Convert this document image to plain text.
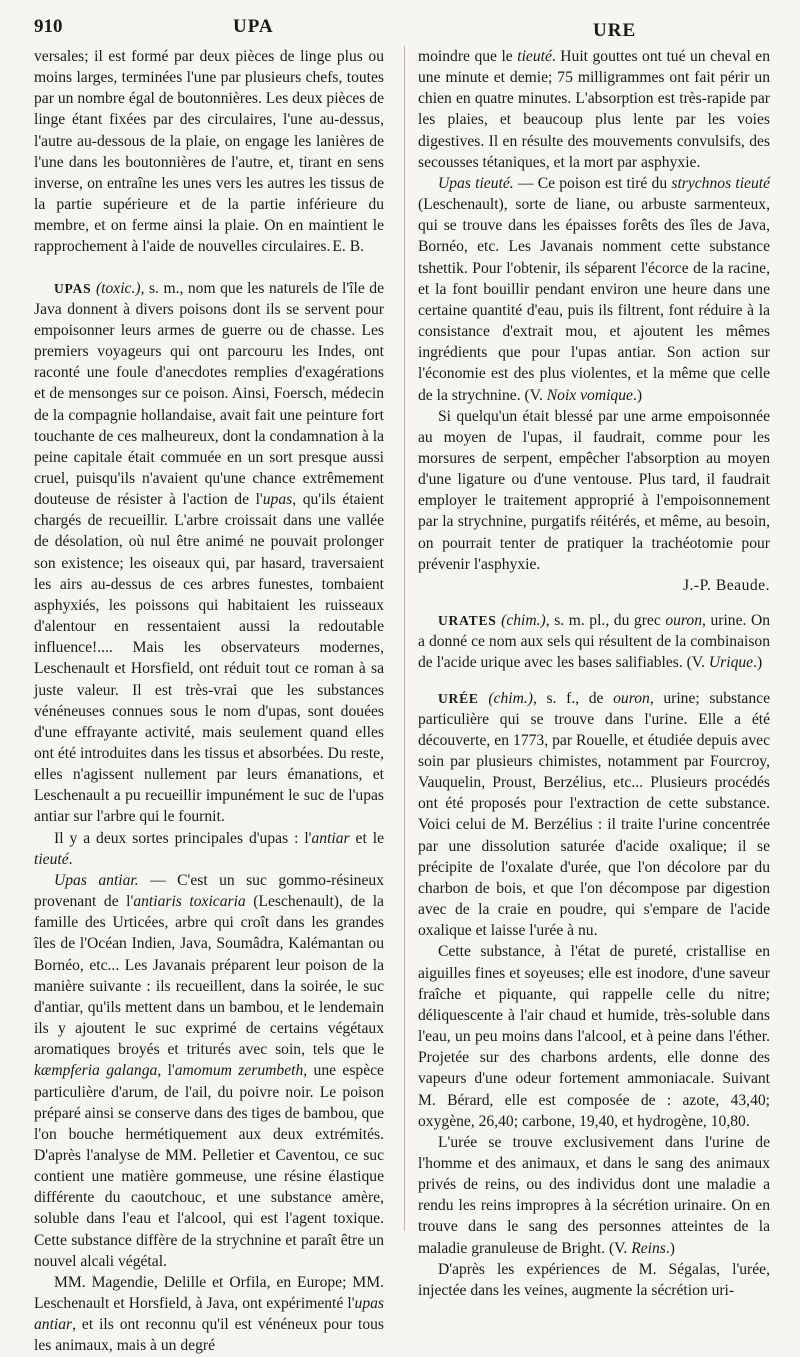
910	UPA	URE

versales; il est formé par deux pièces de linge plus ou moins larges, terminées l'une par plusieurs chefs, toutes par un nombre égal de boutonnières. Les deux pièces de linge étant fixées par des circulaires, l'une au-dessus, l'autre au-dessous de la plaie, on engage les lanières de l'une dans les boutonnières de l'autre, et, tirant en sens inverse, on entraîne les unes vers les autres les tissus de la partie supérieure et de la partie inférieure du membre, et on ferme ainsi la plaie. On en maintient le rapprochement à l'aide de nouvelles circulaires. E. B.

UPAS (toxic.), s. m., nom que les naturels de l'île de Java donnent à divers poisons dont ils se servent pour empoisonner leurs armes de guerre ou de chasse. Les premiers voyageurs qui ont parcouru les Indes, ont raconté une foule d'anecdotes remplies d'exagérations et de mensonges sur ce poison. Ainsi, Foersch, médecin de la compagnie hollandaise, avait fait une peinture fort touchante de ces malheureux, dont la condamnation à la peine capitale était commuée en un sort presque aussi cruel, puisqu'ils n'avaient qu'une chance extrêmement douteuse de résister à l'action de l'upas, qu'ils étaient chargés de recueillir. L'arbre croissait dans une vallée de désolation, où nul être animé ne pouvait prolonger son existence; les oiseaux qui, par hasard, traversaient les airs au-dessus de ces arbres funestes, tombaient asphyxiés, les poissons qui habitaient les ruisseaux d'alentour en ressentaient aussi la redoutable influence!.... Mais les observateurs modernes, Leschenault et Horsfield, ont réduit tout ce roman à sa juste valeur. Il est très-vrai que les substances vénéneuses connues sous le nom d'upas, sont douées d'une effrayante activité, mais seulement quand elles ont été introduites dans les tissus et absorbées. Du reste, elles n'agissent nullement par leurs émanations, et Leschenault a pu recueillir impunément le suc de l'upas antiar sur l'arbre qui le fournit.

Il y a deux sortes principales d'upas : l'antiar et le tieuté.

Upas antiar. — C'est un suc gommo-résineux provenant de l'antiaris toxicaria (Leschenault), de la famille des Urticées, arbre qui croît dans les grandes îles de l'Océan Indien, Java, Soumâdra, Kalémantan ou Bornéo, etc... Les Javanais préparent leur poison de la manière suivante : ils recueillent, dans la soirée, le suc d'antiar, qu'ils mettent dans un bambou, et le lendemain ils y ajoutent le suc exprimé de certains végétaux aromatiques broyés et triturés avec soin, tels que le kæmpferia galanga, l'amomum zerumbeth, une espèce particulière d'arum, de l'ail, du poivre noir. Le poison préparé ainsi se conserve dans des tiges de bambou, que l'on bouche hermétiquement aux deux extrémités. D'après l'analyse de MM. Pelletier et Caventou, ce suc contient une matière gommeuse, une résine élastique différente du caoutchouc, et une substance amère, soluble dans l'eau et l'alcool, qui est l'agent toxique. Cette substance diffère de la strychnine et paraît être un nouvel alcali végétal.

MM. Magendie, Delille et Orfila, en Europe; MM. Leschenault et Horsfield, à Java, ont expérimenté l'upas antiar, et ils ont reconnu qu'il est vénéneux pour tous les animaux, mais à un degré

moindre que le tieuté. Huit gouttes ont tué un cheval en une minute et demie; 75 milligrammes ont fait périr un chien en quatre minutes. L'absorption est très-rapide par les plaies, et beaucoup plus lente par les voies digestives. Il en résulte des mouvements convulsifs, des secousses tétaniques, et la mort par asphyxie.

Upas tieuté. — Ce poison est tiré du strychnos tieuté (Leschenault), sorte de liane, ou arbuste sarmenteux, qui se trouve dans les épaisses forêts des îles de Java, Bornéo, etc. Les Javanais nomment cette substance tshettik. Pour l'obtenir, ils séparent l'écorce de la racine, et la font bouillir pendant environ une heure dans une certaine quantité d'eau, puis ils filtrent, font réduire à la consistance d'extrait mou, et ajoutent les mêmes ingrédients que pour l'upas antiar. Son action sur l'économie est des plus violentes, et la même que celle de la strychnine. (V. Noix vomique.)

Si quelqu'un était blessé par une arme empoisonnée au moyen de l'upas, il faudrait, comme pour les morsures de serpent, empêcher l'absorption au moyen d'une ligature ou d'une ventouse. Plus tard, il faudrait employer le traitement approprié à l'empoisonnement par la strychnine, purgatifs réitérés, et même, au besoin, on pourrait tenter de pratiquer la trachéotomie pour prévenir l'asphyxie.

J.-P. Beaude.

URATES (chim.), s. m. pl., du grec ouron, urine. On a donné ce nom aux sels qui résultent de la combinaison de l'acide urique avec les bases salifiables. (V. Urique.)

URÉE (chim.), s. f., de ouron, urine; substance particulière qui se trouve dans l'urine. Elle a été découverte, en 1773, par Rouelle, et étudiée depuis avec soin par plusieurs chimistes, notamment par Fourcroy, Vauquelin, Proust, Berzélius, etc... Plusieurs procédés ont été proposés pour l'extraction de cette substance. Voici celui de M. Berzélius : il traite l'urine concentrée par une dissolution saturée d'acide oxalique; il se précipite de l'oxalate d'urée, que l'on décolore par du charbon de bois, et que l'on décompose par digestion avec de la craie en poudre, qui s'empare de l'acide oxalique et laisse l'urée à nu.

Cette substance, à l'état de pureté, cristallise en aiguilles fines et soyeuses; elle est inodore, d'une saveur fraîche et piquante, qui rappelle celle du nitre; déliquescente à l'air chaud et humide, très-soluble dans l'eau, un peu moins dans l'alcool, et à peine dans l'éther. Projetée sur des charbons ardents, elle donne des vapeurs d'une odeur fortement ammoniacale. Suivant M. Bérard, elle est composée de : azote, 43,40; oxygène, 26,40; carbone, 19,40, et hydrogène, 10,80.

L'urée se trouve exclusivement dans l'urine de l'homme et des animaux, et dans le sang des animaux privés de reins, ou des individus dont une maladie a rendu les reins impropres à la sécrétion urinaire. On en trouve dans le sang des personnes atteintes de la maladie granuleuse de Bright. (V. Reins.)

D'après les expériences de M. Ségalas, l'urée, injectée dans les veines, augmente la sécrétion uri-
